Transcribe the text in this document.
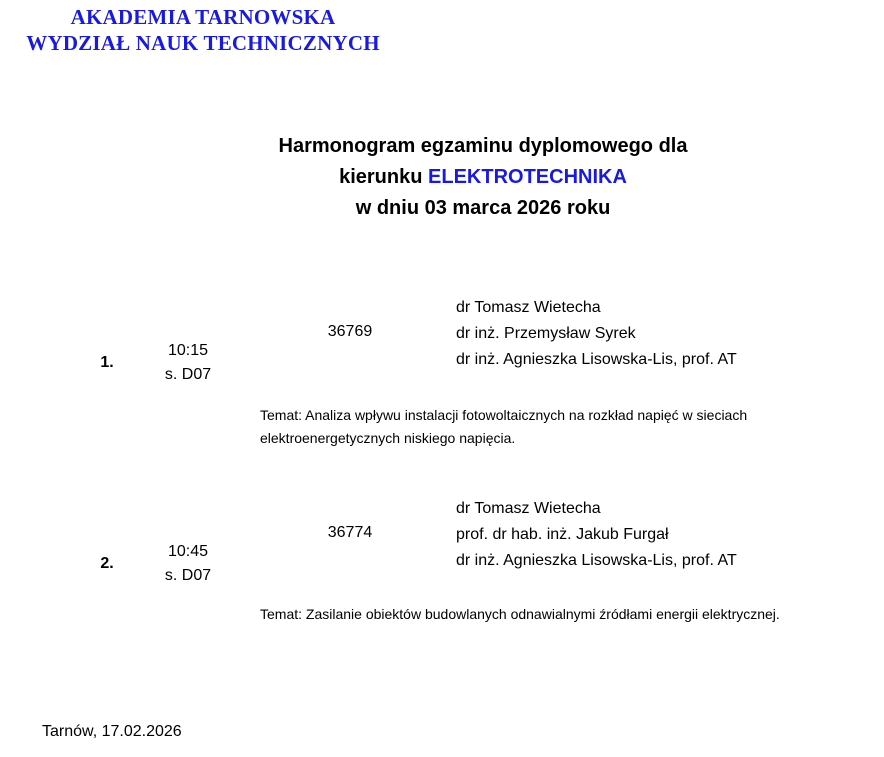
AKADEMIA TARNOWSKA
WYDZIAŁ NAUK TECHNICZNYCH
Harmonogram egzaminu dyplomowego dla
kierunku ELEKTROTECHNIKA
w dniu 03 marca 2026 roku
1.
10:15
s. D07
36769
dr Tomasz Wietecha
dr inż. Przemysław Syrek
dr inż. Agnieszka Lisowska-Lis, prof. AT
Temat: Analiza wpływu instalacji fotowoltaicznych na rozkład napięć w sieciach elektroenergetycznych niskiego napięcia.
2.
10:45
s. D07
36774
dr Tomasz Wietecha
prof. dr hab. inż. Jakub Furgał
dr inż. Agnieszka Lisowska-Lis, prof. AT
Temat: Zasilanie obiektów budowlanych odnawialnymi źródłami energii elektrycznej.
Tarnów, 17.02.2026
